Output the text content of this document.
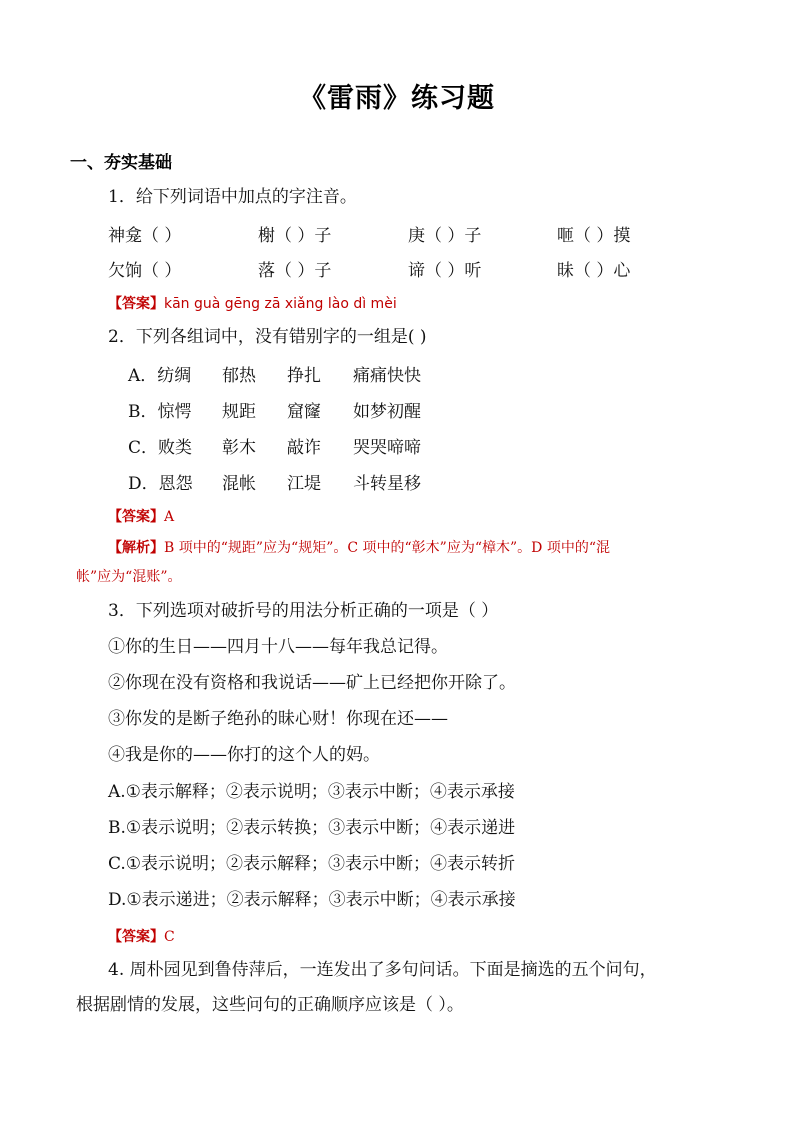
《雷雨》练习题
一、夯实基础
1．给下列词语中加点的字注音。
神龛（ ）	榭（ ）子	庚（ ）子	咂（ ）摸
欠饷（ ）	落（ ）子	谛（ ）听	昧（ ）心
【答案】kān guà gēng zā xiǎng lào dì mèi
2．下列各组词中，没有错别字的一组是( )
A．纺绸 郁热 挣扎 痛痛快快
B．惊愕 规距 窟窿 如梦初醒
C．败类 彰木 敲诈 哭哭啼啼
D．恩怨 混帐 江堤 斗转星移
【答案】A
【解析】B 项中的“规距”应为“规矩”。C 项中的“彰木”应为“樟木”。D 项中的“混
帐”应为“混账”。
3．下列选项对破折号的用法分析正确的一项是（ ）
①你的生日——四月十八——每年我总记得。
②你现在没有资格和我说话——矿上已经把你开除了。
③你发的是断子绝孙的昧心财！你现在还——
④我是你的——你打的这个人的妈。
A.①表示解释；②表示说明；③表示中断；④表示承接
B.①表示说明；②表示转换；③表示中断；④表示递进
C.①表示说明；②表示解释；③表示中断；④表示转折
D.①表示递进；②表示解释；③表示中断；④表示承接
【答案】C
4. 周朴园见到鲁侍萍后，一连发出了多句问话。下面是摘选的五个问句，
根据剧情的发展，这些问句的正确顺序应该是（ ）。
